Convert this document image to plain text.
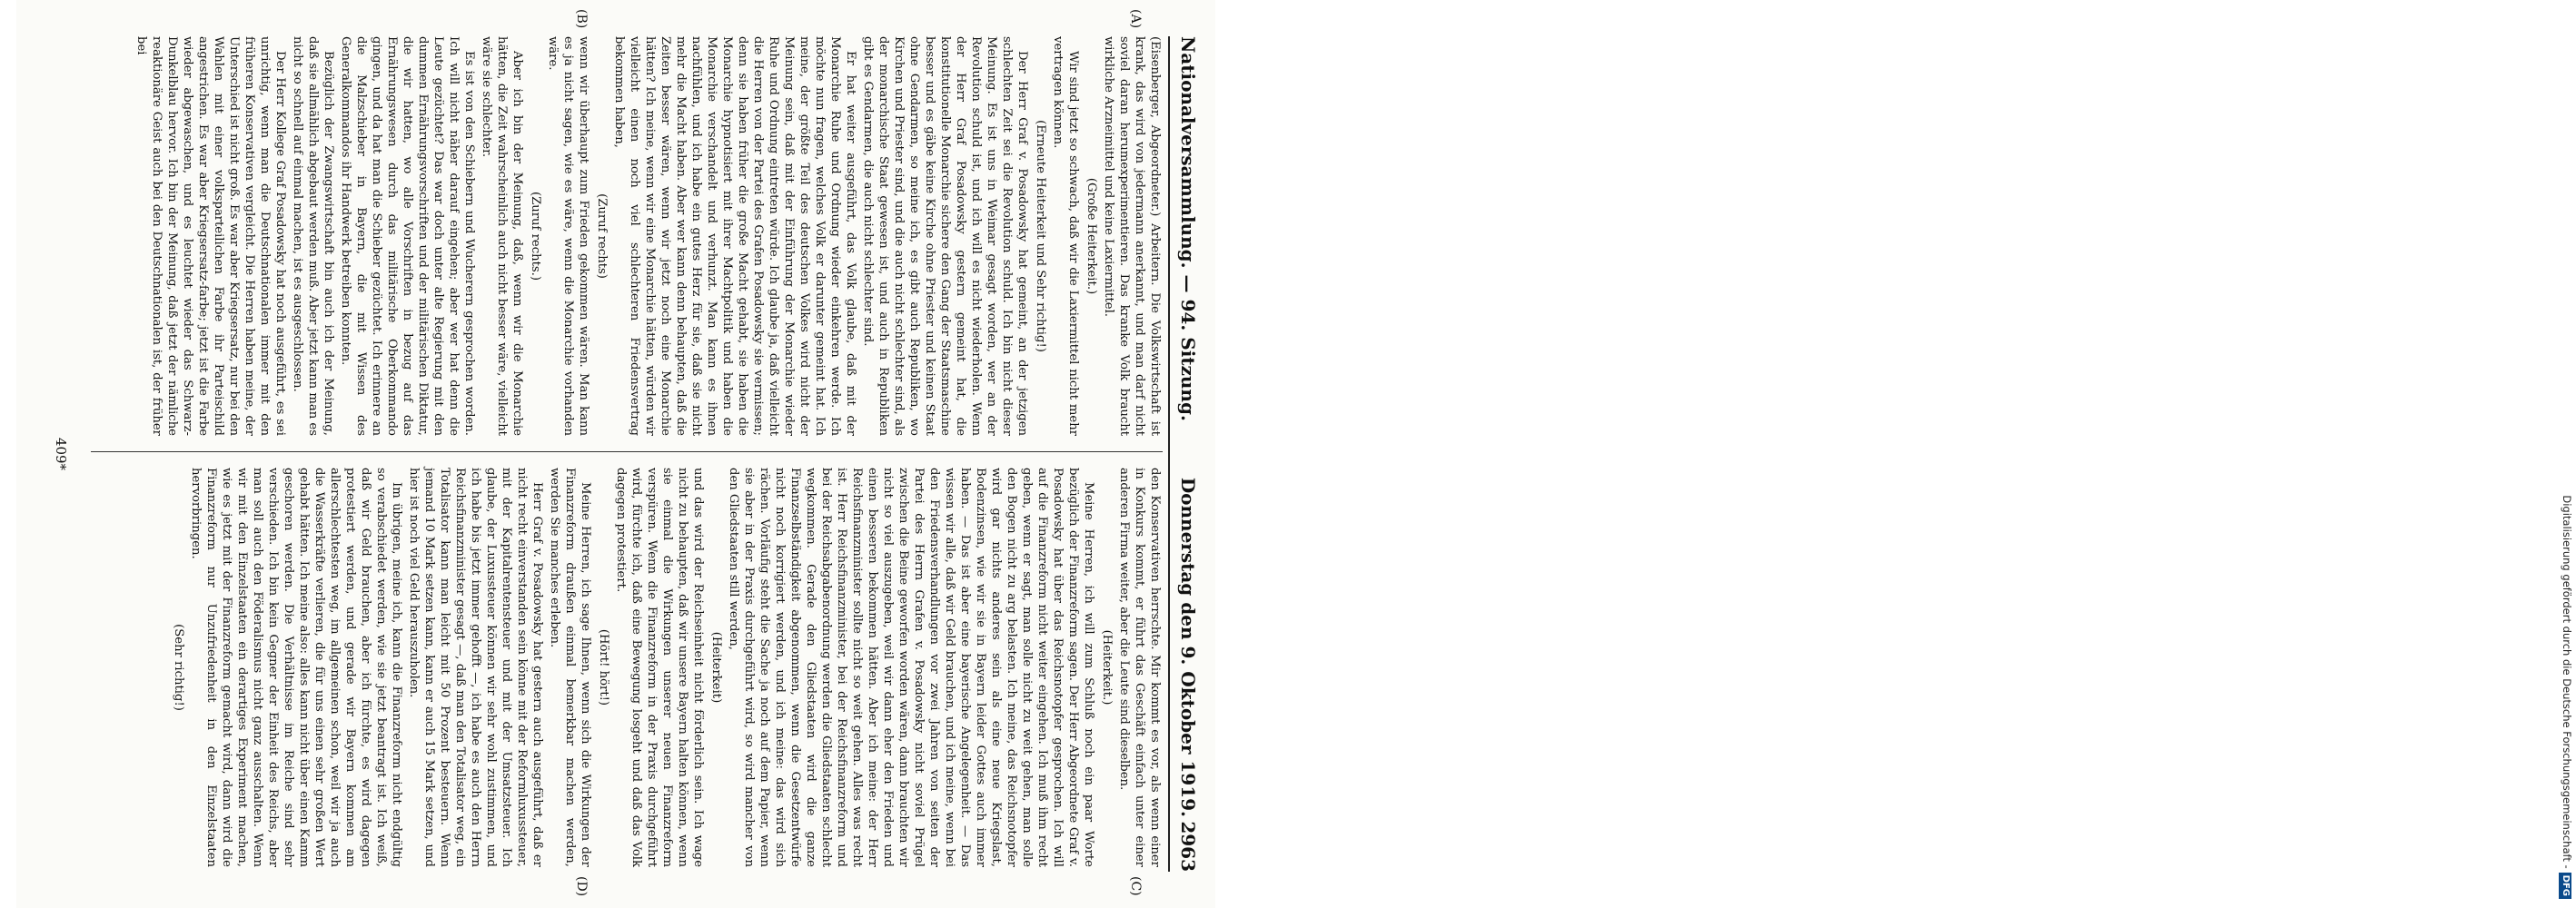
Nationalversammlung. — 94. Sitzung.
Donnerstag den 9. Oktober 1919.
2963
(A)
(B)
(C)
(D)

(Eisenberger, Abgeordneter.) Arbeitern. Die Volkswirtschaft ist krank, das wird von jedermann anerkannt, und man darf nicht soviel daran herumexperimentieren. Das kranke Volk braucht wirkliche Arzneimittel und keine Laxiermittel.

(Große Heiterkeit.)

Wir sind jetzt so schwach, daß wir die Laxiermittel nicht mehr vertragen können.

(Erneute Heiterkeit und Sehr richtig!)

Der Herr Graf v. Posadowsky hat gemeint, an der jetzigen schlechten Zeit sei die Revolution schuld. Ich bin nicht dieser Meinung. Es ist uns in Weimar gesagt worden, wer an der Revolution schuld ist, und ich will es nicht wiederholen. Wenn der Herr Graf Posadowsky gestern gemeint hat, die konstitutionelle Monarchie sichere den Gang der Staatsmaschine besser und es gäbe keine Kirche ohne Priester und keinen Staat ohne Gendarmen, so meine ich, es gibt auch Republiken, wo Kirchen und Priester sind, und die auch nicht schlechter sind, als der monarchische Staat gewesen ist, und auch in Republiken gibt es Gendarmen, die auch nicht schlechter sind.

Er hat weiter ausgeführt, das Volk glaube, daß mit der Monarchie Ruhe und Ordnung wieder einkehren werde. Ich möchte nun fragen, welches Volk er darunter gemeint hat. Ich meine, der größte Teil des deutschen Volkes wird nicht der Meinung sein, daß mit der Einführung der Monarchie wieder Ruhe und Ordnung eintreten würde. Ich glaube ja, daß vielleicht die Herren von der Partei des Grafen Posadowsky sie vermissen; denn sie haben früher die große Macht gehabt, sie haben die Monarchie hypnotisiert mit ihrer Machtpolitik und haben die Monarchie verschandelt und verhunzt. Man kann es ihnen nachfühlen, und ich habe ein gutes Herz für sie, daß sie nicht mehr die Macht haben. Aber wer kann denn behaupten, daß die Zeiten besser wären, wenn wir jetzt noch eine Monarchie hätten? Ich meine, wenn wir eine Monarchie hätten, würden wir vielleicht einen noch viel schlechteren Friedensvertrag bekommen haben,

(Zuruf rechts)

wenn wir überhaupt zum Frieden gekommen wären. Man kann es ja nicht sagen, wie es wäre, wenn die Monarchie vorhanden wäre.

(Zuruf rechts.)

Aber ich bin der Meinung, daß, wenn wir die Monarchie hätten, die Zeit wahrscheinlich auch nicht besser wäre, vielleicht wäre sie schlechter.

Es ist von den Schiebern und Wucherern gesprochen worden. Ich will nicht näher darauf eingehen; aber wer hat denn die Leute gezüchtet? Das war doch unter alte Regierung mit den dummen Ernährungsvorschriften und der militärischen Diktatur, die wir hatten, wo alle Vorschriften in bezug auf das Ernährungswesen durch das militärische Oberkommando gingen, und da hat man die Schieber gezüchtet. Ich erinnere an die Malzschieber in Bayern, die mit Wissen des Generalkommandos ihr Handwerk betreiben konnten.

Bezüglich der Zwangswirtschaft bin auch ich der Meinung, daß sie allmählich abgebaut werden muß. Aber jetzt kann man es nicht so schnell auf einmal machen, ist es ausgeschlossen.

Der Herr Kollege Graf Posadowsky hat noch ausgeführt, es sei unrichtig, wenn man die Deutschnationalen immer mit den früheren Konservativen vergleicht. Die Herren haben meine, der Unterschied ist nicht groß. Es war aber Kriegsersatz, nur bei den Wahlen mit einer volksparteilichen Farbe ihr Parteischild angestrichen. Es war aber Kriegsersatz-farbe; jetzt ist die Farbe wieder abgewaschen, und es leuchtet wieder das Schwarz-Dunkelblau hervor. Ich bin der Meinung, daß jetzt der nämliche reaktionäre Geist auch bei den Deutschnationalen ist, der früher bei

den Konservativen herrschte. Mir kommt es vor, als wenn einer in Konkurs kommt, er führt das Geschäft einfach unter einer anderen Firma weiter, aber die Leute sind dieselben.

(Heiterkeit.)

Meine Herren, ich will zum Schluß noch ein paar Worte bezüglich der Finanzreform sagen. Der Herr Abgeordnete Graf v. Posadowsky hat über das Reichsnotopfer gesprochen. Ich will auf die Finanzreform nicht weiter eingehen. Ich muß ihm recht geben, wenn er sagt, man solle nicht zu weit gehen, man solle den Bogen nicht zu arg belasten. Ich meine, das Reichsnotopfer wird gar nichts anderes sein als eine neue Kriegslast, Bodenzinsen, wie wir sie in Bayern leider Gottes auch immer haben. — Das ist aber eine bayerische Angelegenheit. — Das wissen wir alle, daß wir Geld brauchen, und ich meine, wenn bei den Friedensverhandlungen vor zwei Jahren von seiten der Partei des Herrn Grafen v. Posadowsky nicht soviel Prügel zwischen die Beine geworfen worden wären, dann brauchten wir nicht so viel auszugeben, weil wir dann eher den Frieden und einen besseren bekommen hätten. Aber ich meine: der Herr Reichsfinanzminister sollte nicht so weit gehen. Alles was recht ist. Herr Reichsfinanzminister, bei der Reichsfinanzreform und bei der Reichsabgabenordnung werden die Gliedstaaten schlecht wegkommen. Gerade den Gliedstaaten wird die ganze Finanzselbständigkeit abgenommen, wenn die Gesetzentwürfe nicht noch korrigiert werden, und ich meine: das wird sich rächen. Vorläufig steht die Sache ja noch auf dem Papier, wenn sie aber in der Praxis durchgeführt wird, so wird mancher von den Gliedstaaten still werden,

(Heiterkeit)

und das wird der Reichseinheit nicht förderlich sein. Ich wage nicht zu behaupten, daß wir unsere Bayern halten können, wenn sie einmal die Wirkungen unserer neuen Finanzreform verspüren. Wenn die Finanzreform in der Praxis durchgeführt wird, fürchte ich, daß eine Bewegung losgeht und daß das Volk dagegen protestiert.

(Hört! hört!)

Meine Herren, ich sage Ihnen, wenn sich die Wirkungen der Finanzreform draußen einmal bemerkbar machen werden, werden Sie manches erleben.

Herr Graf v. Posadowsky hat gestern auch ausgeführt, daß er nicht recht einverstanden sein könne mit der Reformluxussteuer, mit der Kapitalrentensteuer und mit der Umsatzsteuer. Ich glaube, der Luxussteuer können wir sehr wohl zustimmen, und ich habe bis jetzt immer gehofft —, ich habe es auch den Herrn Reichsfinanzminister gesagt —, daß man den Totalisator weg, ein Totalisator kann man leicht mit 50 Prozent besteuern. Wenn jemand 10 Mark setzen kann, kann er auch 15 Mark setzen, und hier ist noch viel Geld herauszuholen.

Im übrigen, meine ich, kann die Finanzreform nicht endgültig so verabschiedet werden, wie sie jetzt beantragt ist. Ich weiß, daß wir Geld brauchen, aber ich fürchte, es wird dagegen protestiert werden, und gerade wir Bayern kommen am allerschlechtesten weg, im allgemeinen schon, weil wir ja auch die Wasserkräfte verlieren, die für uns einen sehr großen Wert gehabt hätten. Ich meine also: alles kann nicht über einen Kamm geschoren werden. Die Verhältnisse im Reiche sind sehr verschieden. Ich bin kein Gegner der Einheit des Reichs, aber man soll auch den Föderalismus nicht ganz ausschalten. Wenn wir mit den Einzelstaaten ein derartiges Experiment machen, wie es jetzt mit der Finanzreform gemacht wird, dann wird die Finanzreform nur Unzufriedenheit in den Einzelstaaten hervorbringen.

(Sehr richtig!)

409*
Digitalisierung gefördert durch die Deutsche Forschungsgemeinschaft -DFG
